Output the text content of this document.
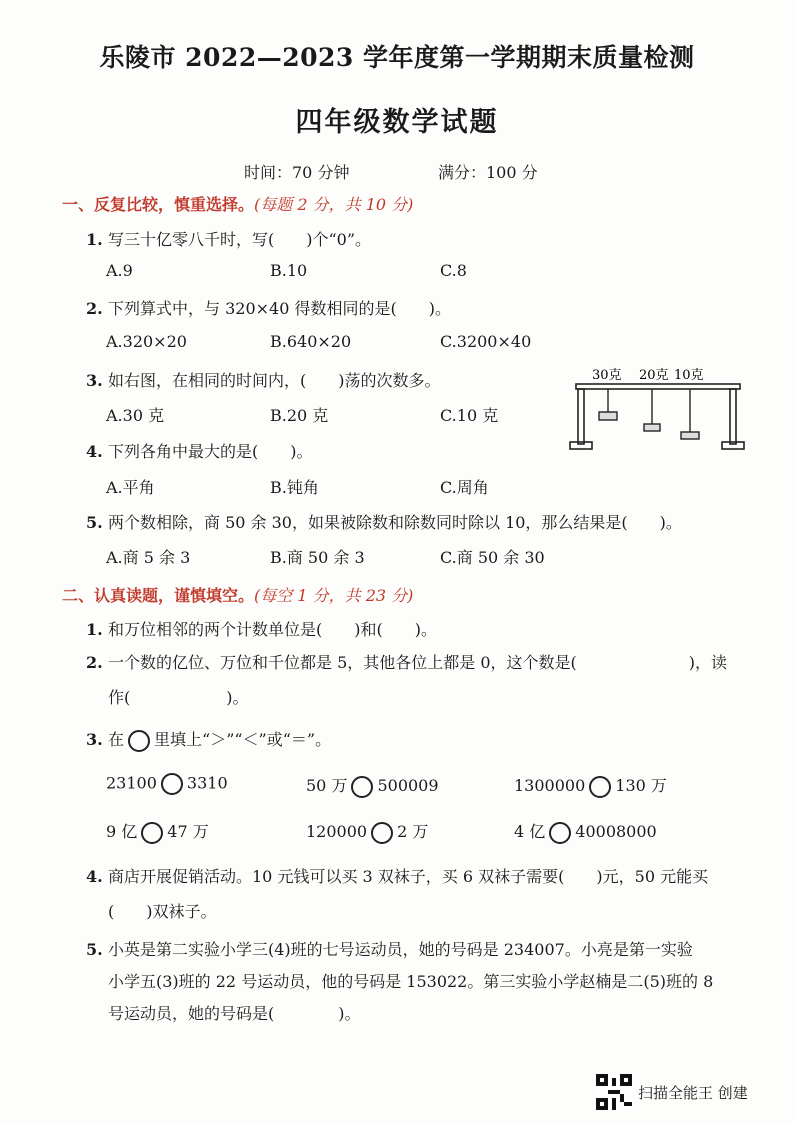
乐陵市 2022—2023 学年度第一学期期末质量检测
四年级数学试题
时间：70 分钟	满分：100 分
一、反复比较，慎重选择。(每题 2 分，共 10 分)
1. 写三十亿零八千时，写(　　)个“0”。
A.9	B.10	C.8
2. 下列算式中，与 320×40 得数相同的是(　　)。
A.320×20	B.640×20	C.3200×40
3. 如右图，在相同的时间内，(　　)荡的次数多。
A.30 克	B.20 克	C.10 克
4. 下列各角中最大的是(　　)。
A.平角	B.钝角	C.周角
5. 两个数相除，商 50 余 30，如果被除数和除数同时除以 10，那么结果是(　　)。
A.商 5 余 3	B.商 50 余 3	C.商 50 余 30
30克 20克 10克
二、认真读题，谨慎填空。(每空 1 分，共 23 分)
1. 和万位相邻的两个计数单位是(　　)和(　　)。
2. 一个数的亿位、万位和千位都是 5，其他各位上都是 0，这个数是(　　　　　　　)，读
作(　　　　　　)。
3. 在 里填上“＞”“＜”或“＝”。
23100 3310	50 万 500009	1300000 130 万
9 亿 47 万	120000 2 万	4 亿 40008000
4. 商店开展促销活动。10 元钱可以买 3 双袜子，买 6 双袜子需要(　　)元，50 元能买
(　　)双袜子。
5. 小英是第二实验小学三(4)班的七号运动员，她的号码是 234007。小亮是第一实验
小学五(3)班的 22 号运动员，他的号码是 153022。第三实验小学赵楠是二(5)班的 8
号运动员，她的号码是(　　　　)。
扫描全能王 创建
